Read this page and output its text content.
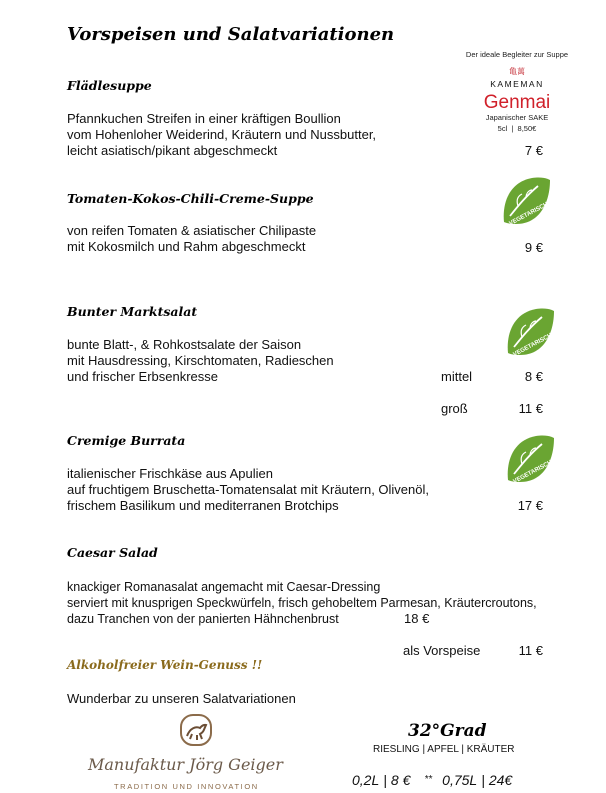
Vorspeisen und Salatvariationen
Der ideale Begleiter zur Suppe
亀萬
KAMEMAN
Genmai
Japanischer SAKE
5cl  |  8,50€
Flädlesuppe
Pfannkuchen Streifen in einer kräftigen Boullion
vom Hohenloher Weiderind, Kräutern und Nussbutter,
leicht asiatisch/pikant abgeschmeckt	7 €
VEGETARISCH
Tomaten-Kokos-Chili-Creme-Suppe
von reifen Tomaten & asiatischer Chilipaste
mit Kokosmilch und Rahm abgeschmeckt	9 €
VEGETARISCH
Bunter Marktsalat
bunte Blatt-, & Rohkostsalate der Saison
mit Hausdressing, Kirschtomaten, Radieschen
und frischer Erbsenkresse	mittel	8 €
groß	11 €
VEGETARISCH
Cremige Burrata
italienischer Frischkäse aus Apulien
auf fruchtigem Bruschetta-Tomatensalat mit Kräutern, Olivenöl,
frischem Basilikum und mediterranen Brotchips	17 €
Caesar Salad
knackiger Romanasalat angemacht mit Caesar-Dressing
serviert mit knusprigen Speckwürfeln, frisch gehobeltem Parmesan, Kräutercroutons,
dazu Tranchen von der panierten Hähnchenbrust	18 €
als Vorspeise	11 €
Alkoholfreier Wein-Genuss !!
Wunderbar zu unseren Salatvariationen
Manufaktur Jörg Geiger
TRADITION UND INNOVATION
32°Grad
RIESLING | APFEL | KRÄUTER
0,2L | 8 € ** 0,75L | 24€
